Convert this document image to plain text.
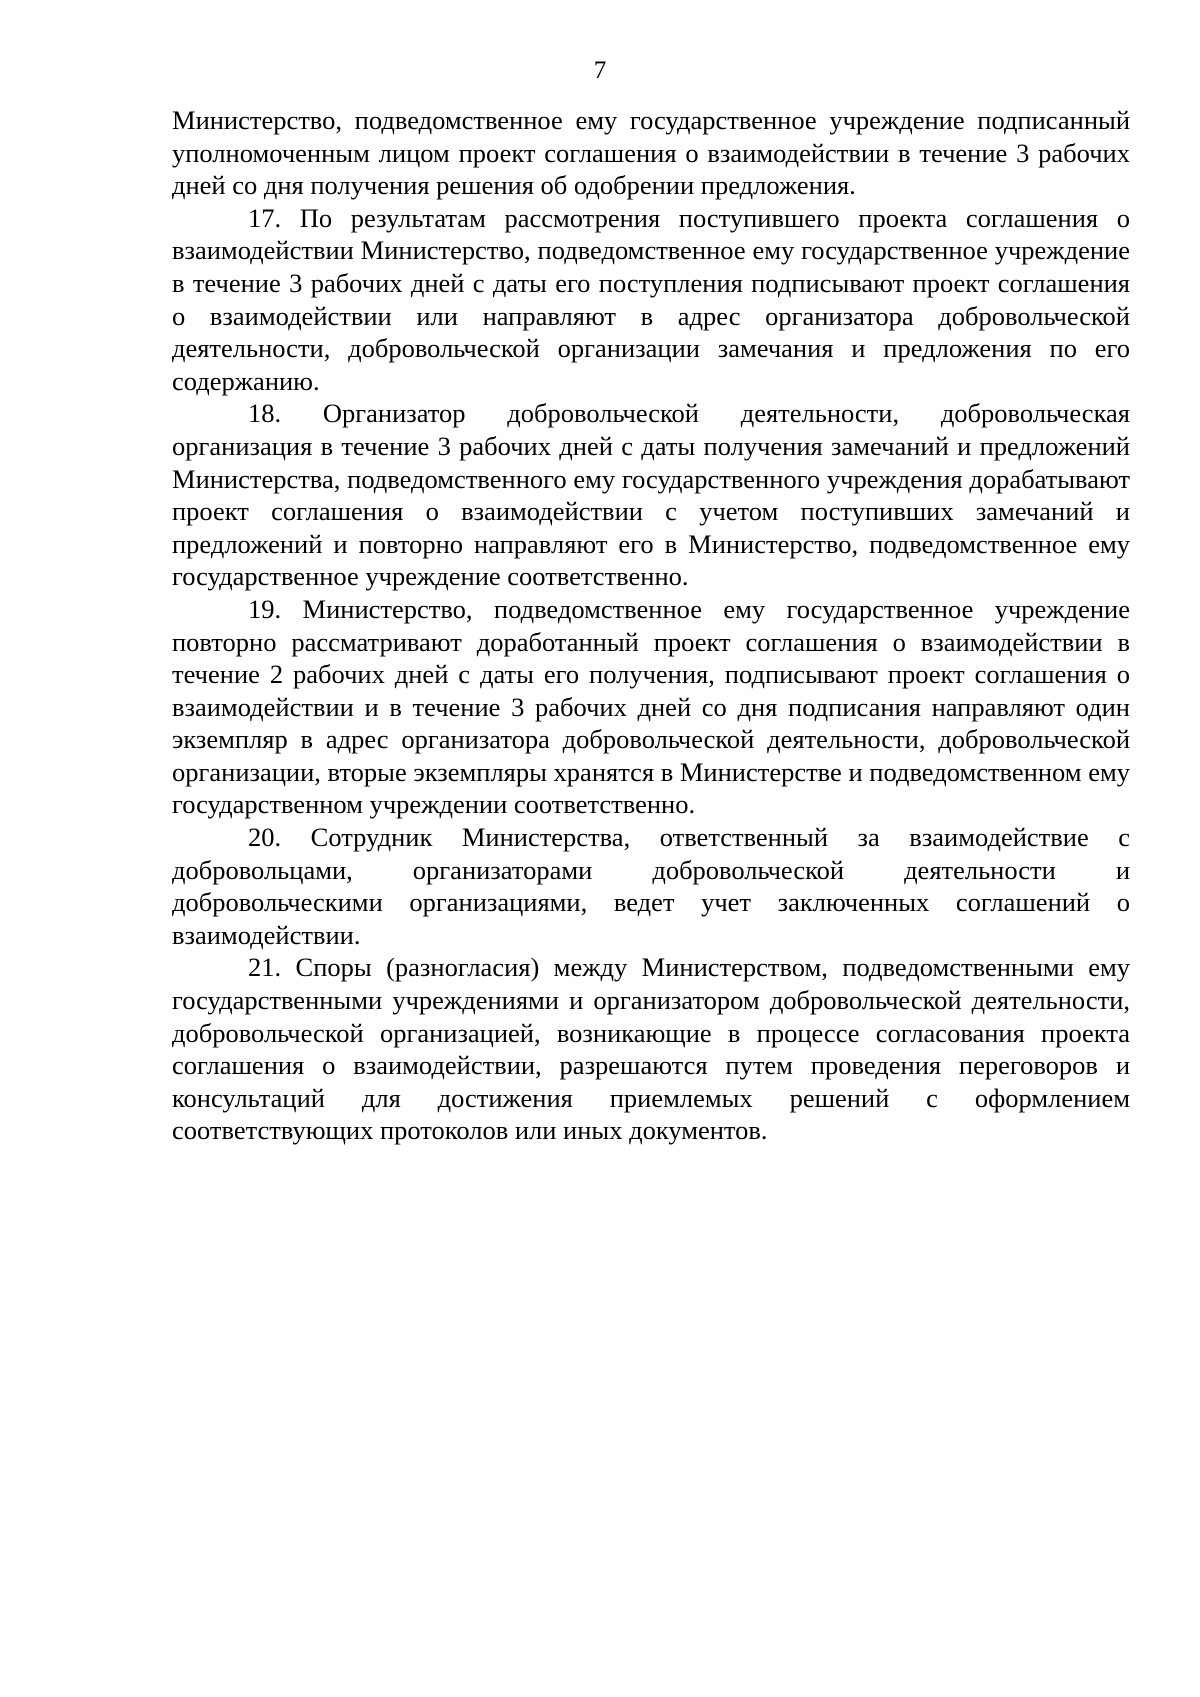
7

Министерство, подведомственное ему государственное учреждение подписанный уполномоченным лицом проект соглашения о взаимодействии в течение 3 рабочих дней со дня получения решения об одобрении предложения.

17. По результатам рассмотрения поступившего проекта соглашения о взаимодействии Министерство, подведомственное ему государственное учреждение в течение 3 рабочих дней с даты его поступления подписывают проект соглашения о взаимодействии или направляют в адрес организатора добровольческой деятельности, добровольческой организации замечания и предложения по его содержанию.

18. Организатор добровольческой деятельности, добровольческая организация в течение 3 рабочих дней с даты получения замечаний и предложений Министерства, подведомственного ему государственного учреждения дорабатывают проект соглашения о взаимодействии с учетом поступивших замечаний и предложений и повторно направляют его в Министерство, подведомственное ему государственное учреждение соответственно.

19. Министерство, подведомственное ему государственное учреждение повторно рассматривают доработанный проект соглашения о взаимодействии в течение 2 рабочих дней с даты его получения, подписывают проект соглашения о взаимодействии и в течение 3 рабочих дней со дня подписания направляют один экземпляр в адрес организатора добровольческой деятельности, добровольческой организации, вторые экземпляры хранятся в Министерстве и подведомственном ему государственном учреждении соответственно.

20. Сотрудник Министерства, ответственный за взаимодействие с добровольцами, организаторами добровольческой деятельности и добровольческими организациями, ведет учет заключенных соглашений о взаимодействии.

21. Споры (разногласия) между Министерством, подведомственными ему государственными учреждениями и организатором добровольческой деятельности, добровольческой организацией, возникающие в процессе согласования проекта соглашения о взаимодействии, разрешаются путем проведения переговоров и консультаций для достижения приемлемых решений с оформлением соответствующих протоколов или иных документов.
